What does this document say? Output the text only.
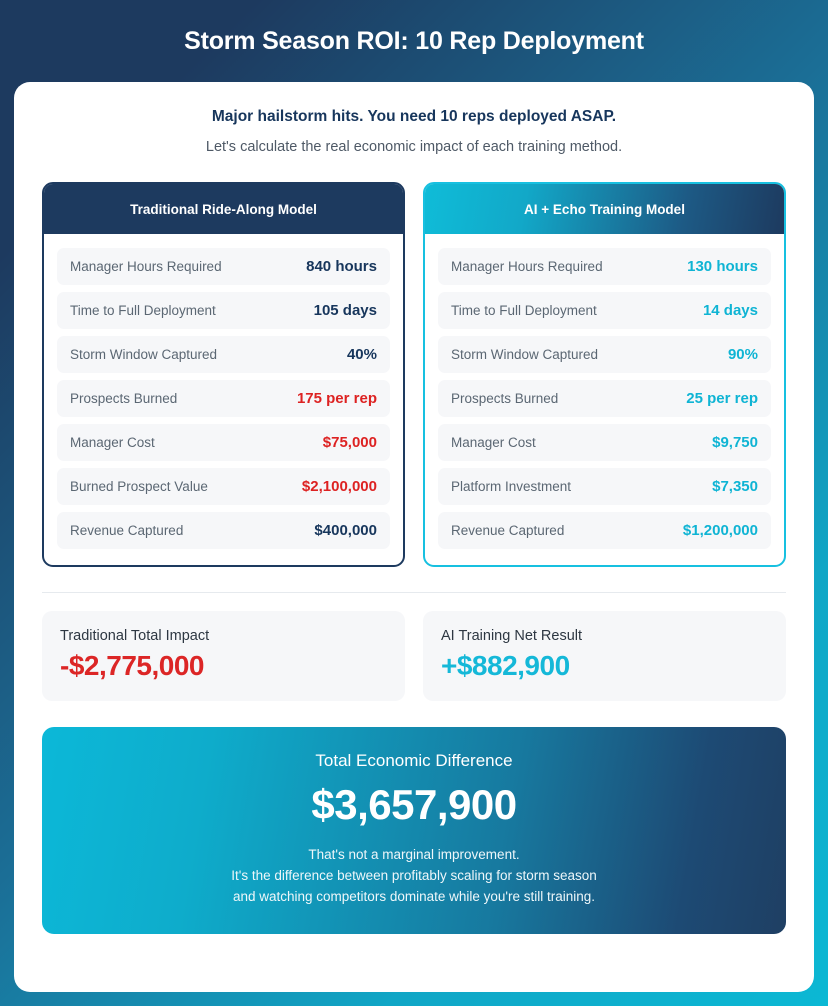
Storm Season ROI: 10 Rep Deployment
Major hailstorm hits. You need 10 reps deployed ASAP.
Let's calculate the real economic impact of each training method.
Traditional Ride-Along Model
Manager Hours Required	840 hours
Time to Full Deployment	105 days
Storm Window Captured	40%
Prospects Burned	175 per rep
Manager Cost	$75,000
Burned Prospect Value	$2,100,000
Revenue Captured	$400,000
AI + Echo Training Model
Manager Hours Required	130 hours
Time to Full Deployment	14 days
Storm Window Captured	90%
Prospects Burned	25 per rep
Manager Cost	$9,750
Platform Investment	$7,350
Revenue Captured	$1,200,000
Traditional Total Impact
-$2,775,000
AI Training Net Result
+$882,900
Total Economic Difference
$3,657,900
That's not a marginal improvement.
It's the difference between profitably scaling for storm season
and watching competitors dominate while you're still training.
